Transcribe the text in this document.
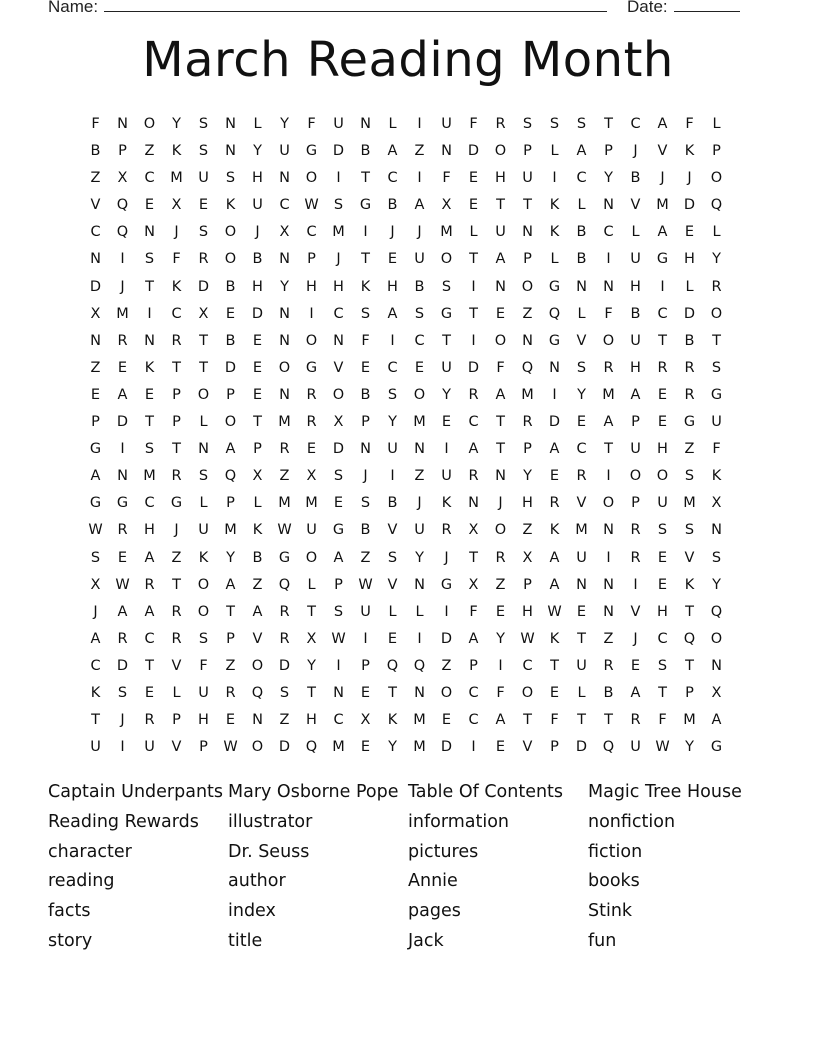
Name:	Date:
March Reading Month
F	N	O	Y	S	N	L	Y	F	U	N	L	I	U	F	R	S	S	S	T	C	A	F	L
B	P	Z	K	S	N	Y	U	G	D	B	A	Z	N	D	O	P	L	A	P	J	V	K	P
Z	X	C	M	U	S	H	N	O	I	T	C	I	F	E	H	U	I	C	Y	B	J	J	O
V	Q	E	X	E	K	U	C	W	S	G	B	A	X	E	T	T	K	L	N	V	M	D	Q
C	Q	N	J	S	O	J	X	C	M	I	J	J	M	L	U	N	K	B	C	L	A	E	L
N	I	S	F	R	O	B	N	P	J	T	E	U	O	T	A	P	L	B	I	U	G	H	Y
D	J	T	K	D	B	H	Y	H	H	K	H	B	S	I	N	O	G	N	N	H	I	L	R
X	M	I	C	X	E	D	N	I	C	S	A	S	G	T	E	Z	Q	L	F	B	C	D	O
N	R	N	R	T	B	E	N	O	N	F	I	C	T	I	O	N	G	V	O	U	T	B	T
Z	E	K	T	T	D	E	O	G	V	E	C	E	U	D	F	Q	N	S	R	H	R	R	S
E	A	E	P	O	P	E	N	R	O	B	S	O	Y	R	A	M	I	Y	M	A	E	R	G
P	D	T	P	L	O	T	M	R	X	P	Y	M	E	C	T	R	D	E	A	P	E	G	U
G	I	S	T	N	A	P	R	E	D	N	U	N	I	A	T	P	A	C	T	U	H	Z	F
A	N	M	R	S	Q	X	Z	X	S	J	I	Z	U	R	N	Y	E	R	I	O	O	S	K
G	G	C	G	L	P	L	M M	E	S	B	J	K	N	J	H	R	V	O	P	U	M	X
W	R	H	J	U	M	K	W	U	G	B	V	U	R	X	O	Z	K	M	N	R	S	S	N
S	E	A	Z	K	Y	B	G	O	A	Z	S	Y	J	T	R	X	A	U	I	R	E	V	S
X	W	R	T	O	A	Z	Q	L	P	W	V	N	G	X	Z	P	A	N	N	I	E	K	Y
J	A	A	R	O	T	A	R	T	S	U	L	L	I	F	E	H W	E	N	V	H	T	Q
A	R	C	R	S	P	V	R	X	W	I	E	I	D	A	Y	W	K	T	Z	J	C	Q	O
C	D	T	V	F	Z	O	D	Y	I	P	Q	Q	Z	P	I	C	T	U	R	E	S	T	N
K	S	E	L	U	R	Q	S	T	N	E	T	N	O	C	F	O	E	L	B	A	T	P	X
T	J	R	P	H	E	N	Z	H	C	X	K	M	E	C	A	T	F	T	T	R	F	M	A
U	I	U	V	P	W O	D	Q	M	E	Y	M	D	I	E	V	P	D	Q	U	W	Y	G
Captain Underpants
Reading Rewards
character
reading
facts
story
Mary Osborne Pope
illustrator
Dr. Seuss
author
index
title
Table Of Contents
information
pictures
Annie
pages
Jack
Magic Tree House
nonfiction
fiction
books
Stink
fun
